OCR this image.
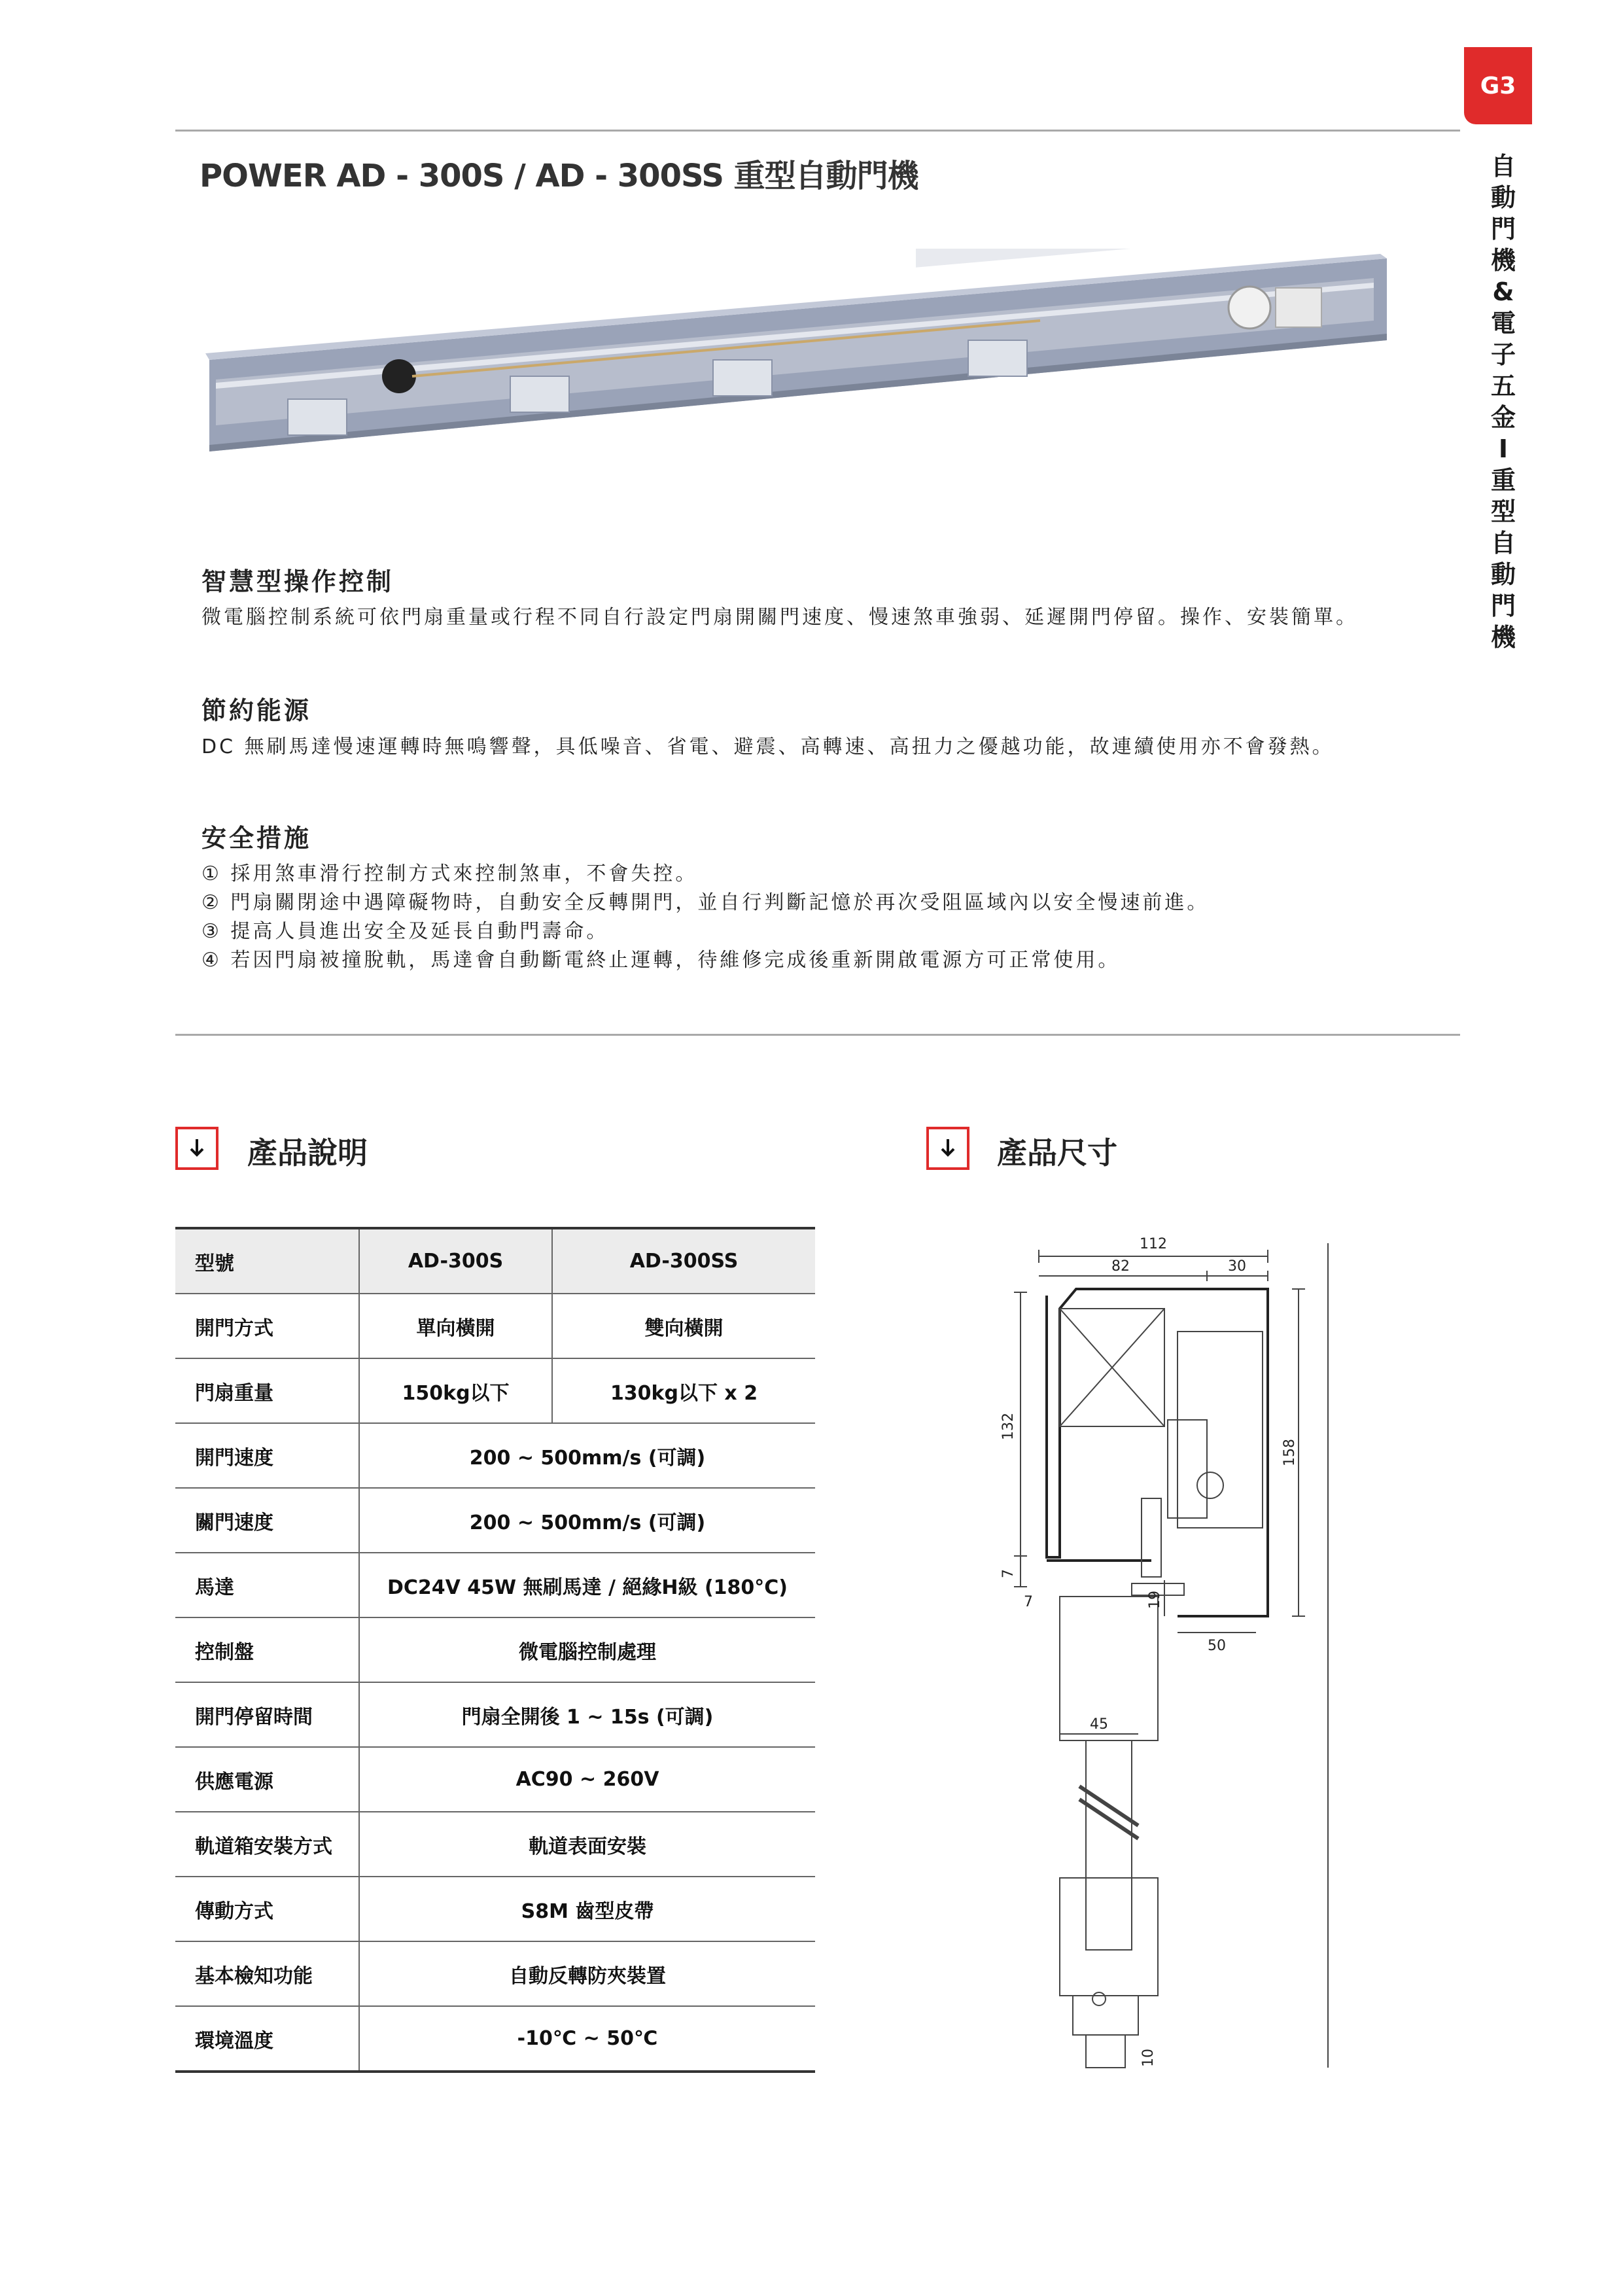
G3
自
動
門
機
&
電
子
五
金
I
重
型
自
動
門
機
POWER AD - 300S / AD - 300SS 重型自動門機
智慧型操作控制
微電腦控制系統可依門扇重量或行程不同自行設定門扇開關門速度、慢速煞車強弱、延遲開門停留。操作、安裝簡單。
節約能源
DC 無刷馬達慢速運轉時無鳴響聲，具低噪音、省電、避震、高轉速、高扭力之優越功能，故連續使用亦不會發熱。
安全措施

① 採用煞車滑行控制方式來控制煞車，不會失控。

② 門扇關閉途中遇障礙物時，自動安全反轉開門，並自行判斷記憶於再次受阻區域內以安全慢速前進。

③ 提高人員進出安全及延長自動門壽命。

④ 若因門扇被撞脫軌，馬達會自動斷電終止運轉，待維修完成後重新開啟電源方可正常使用。

產品說明	產品尺寸
型號	AD-300S	AD-300SS
開門方式	單向橫開	雙向橫開
門扇重量	150kg以下	130kg以下 x 2
開門速度	200 ~ 500mm/s (可調)	
關門速度	200 ~ 500mm/s (可調)	
馬達	DC24V 45W 無刷馬達 / 絕緣H級 (180°C)	
控制盤	微電腦控制處理	
開門停留時間	門扇全開後 1 ~ 15s (可調)	
供應電源	AC90 ~ 260V	
軌道箱安裝方式	軌道表面安裝	
傳動方式	S8M 齒型皮帶	
基本檢知功能	自動反轉防夾裝置	
環境溫度	-10℃ ~ 50℃	
112
82	30
132
158
7
7	19
50
45
10
